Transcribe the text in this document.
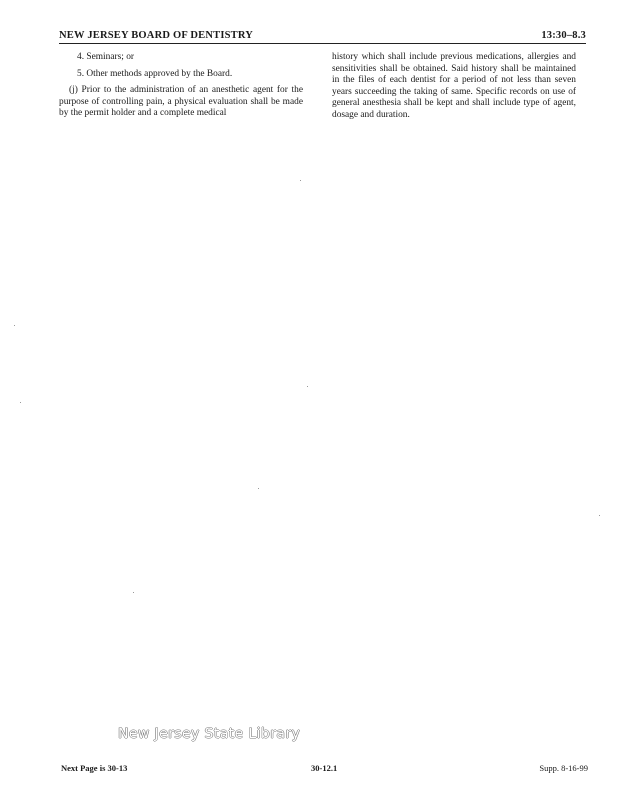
NEW JERSEY BOARD OF DENTISTRY	13:30–8.3

4. Seminars; or

5. Other methods approved by the Board.

(j) Prior to the administration of an anesthetic agent for the purpose of controlling pain, a physical evaluation shall be made by the permit holder and a complete medical

history which shall include previous medications, allergies and sensitivities shall be obtained. Said history shall be maintained in the files of each dentist for a period of not less than seven years succeeding the taking of same. Specific records on use of general anesthesia shall be kept and shall include type of agent, dosage and duration.

New Jersey State Library
Next Page is 30-13	30-12.1	Supp. 8-16-99
